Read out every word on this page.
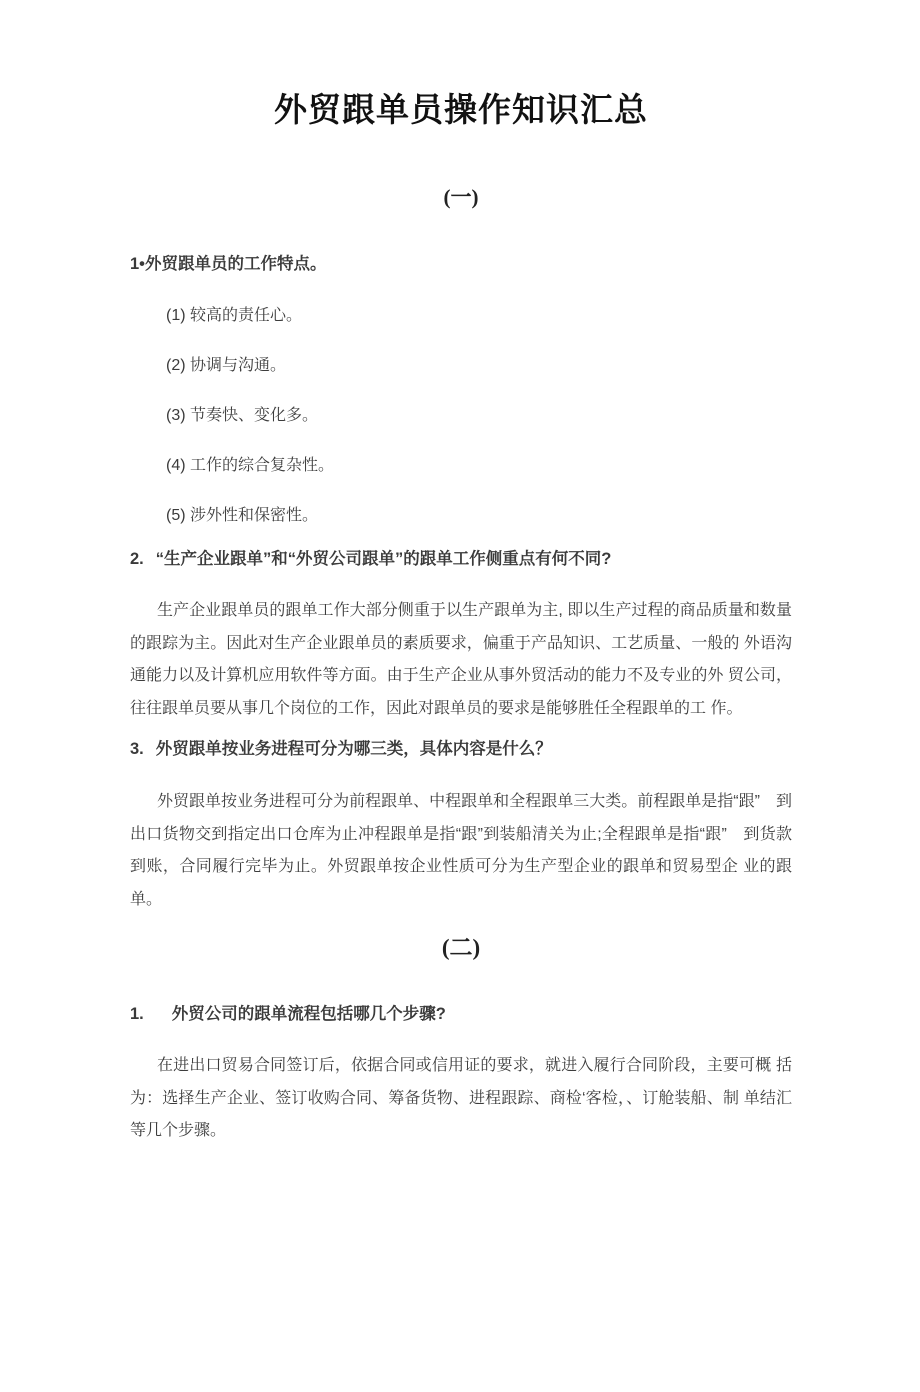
外贸跟单员操作知识汇总
(一)
1•外贸跟单员的工作特点。
(1) 较高的责任心。
(2) 协调与沟通。
(3) 节奏快、变化多。
(4) 工作的综合复杂性。
(5) 涉外性和保密性。
2. “生产企业跟单”和“外贸公司跟单”的跟单工作侧重点有何不同?

生产企业跟单员的跟单工作大部分侧重于以生产跟单为主, 即以生产过程的商品质量和数量的跟踪为主。因此对生产企业跟单员的素质要求，偏重于产品知识、工艺质量、一般的 外语沟通能力以及计算机应用软件等方面。由于生产企业从事外贸活动的能力不及专业的外 贸公司，往往跟单员要从事几个岗位的工作，因此对跟单员的要求是能够胜任全程跟单的工 作。

3. 外贸跟单按业务进程可分为哪三类，具体内容是什么？

外贸跟单按业务进程可分为前程跟单、中程跟单和全程跟单三大类。前程跟单是指“跟”　到出口货物交到指定出口仓库为止冲程跟单是指“跟”到装船清关为止;全程跟单是指“跟”　到货款到账，合同履行完毕为止。外贸跟单按企业性质可分为生产型企业的跟单和贸易型企 业的跟单。

(二)
1. 外贸公司的跟单流程包括哪几个步骤?

在进出口贸易合同签订后，依据合同或信用证的要求，就进入履行合同阶段，主要可概 括为：选择生产企业、签订收购合同、筹备货物、进程跟踪、商检‘客检，、订舱装船、制 单结汇等几个步骤。
